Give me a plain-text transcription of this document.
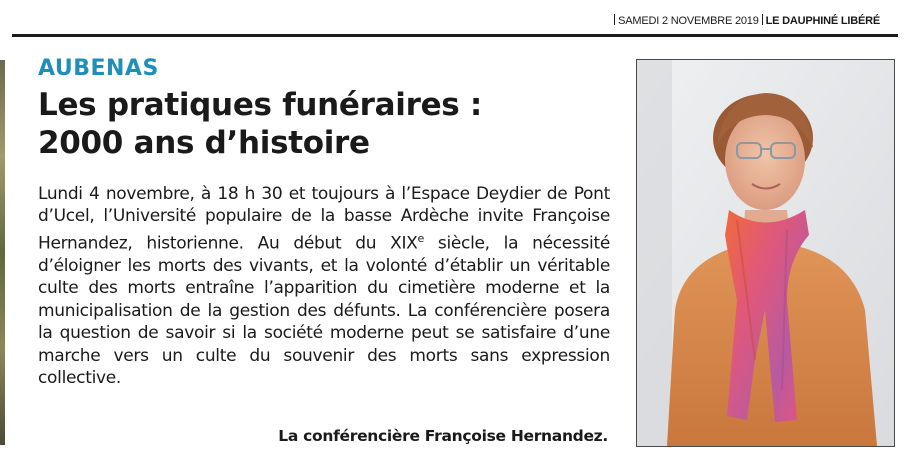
SAMEDI 2 NOVEMBRE 2019 LE DAUPHINÉ LIBÉRÉ
AUBENAS
Les pratiques funéraires :
2000 ans d’histoire

Lundi 4 novembre, à 18 h 30 et toujours à l’Espace Deydier de Pont d’Ucel, l’Université populaire de la basse Ardèche invite Françoise Hernandez, historienne. Au début du XIXe siècle, la nécessité d’éloigner les morts des vivants, et la volonté d’établir un véritable culte des morts entraîne l’apparition du cimetière moderne et la municipalisation de la gestion des défunts. La conférencière posera la question de savoir si la société moderne peut se satisfaire d’une marche vers un culte du souvenir des morts sans expression collective.

La conférencière Françoise Hernandez.
